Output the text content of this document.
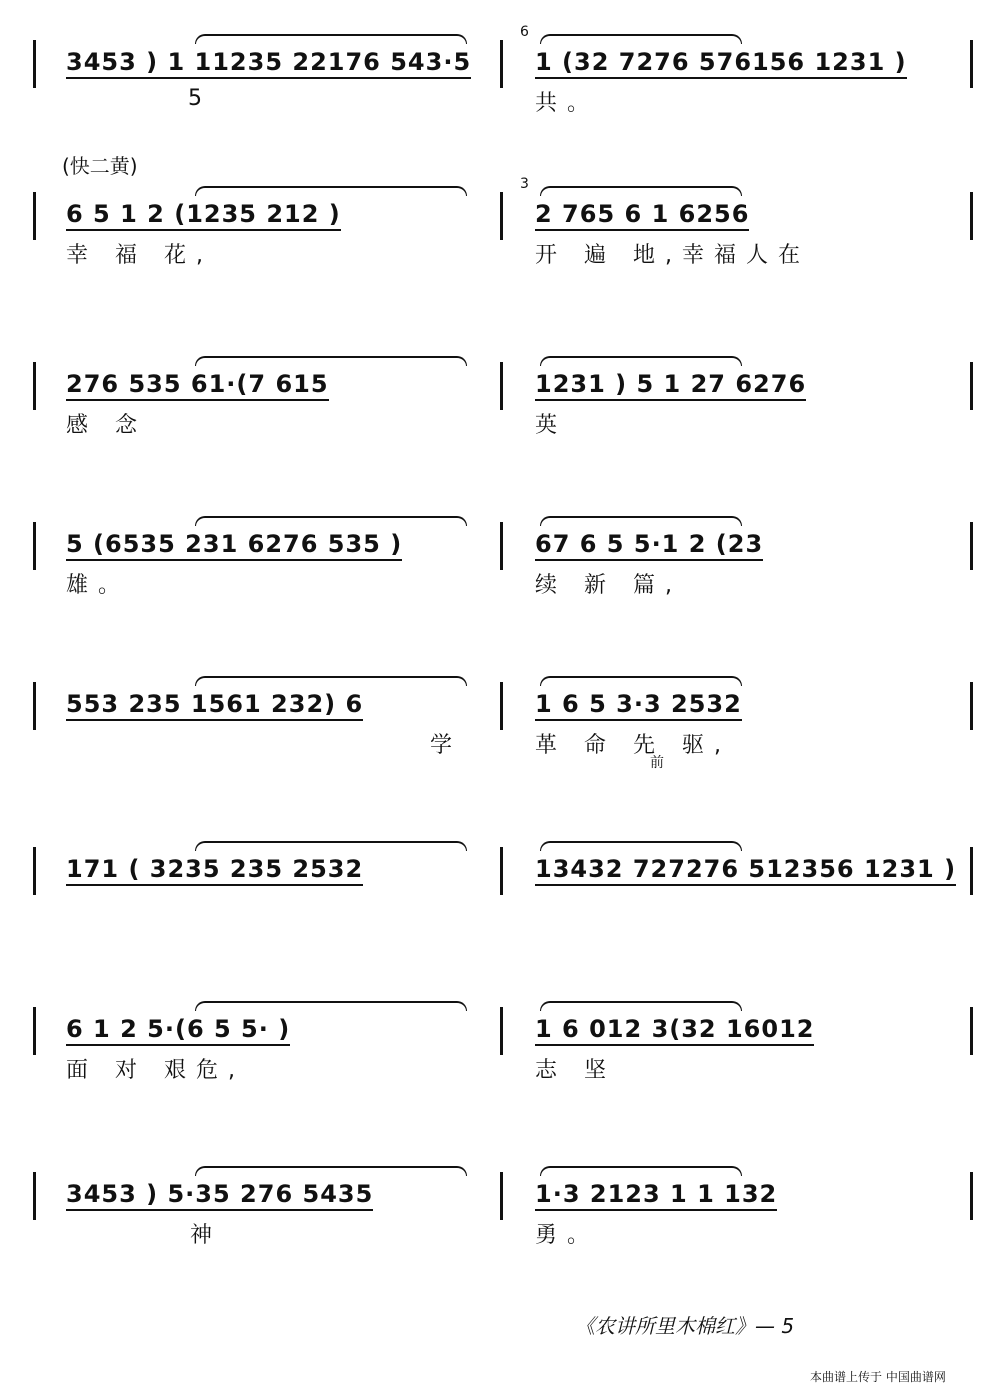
(快二黄)
3453 ) 1 11235 22176 543·5	1 (32 7276 576156 1231 )
5	共。
6
6 5 1 2 (1235 212 )	2 765 6 1 6256
幸 福 花,	开 遍 地,幸福人在
3
276 535 61·(7 615	1231 ) 5 1 27 6276
感 念	英
5 (6535 231 6276 535 )	67 6 5 5·1 2 (23
雄。	续 新 篇,
553 235 1561 232) 6	1 6 5 3·3 2532
学	革 命 先 驱,
前
171 ( 3235 235 2532	13432 727276 512356 1231 )
6 1 2 5·(6 5 5· )	1 6 012 3(32 16012
面 对 艰危,	志 坚
3453 ) 5·35 276 5435	1·3 2123 1 1 132
神	勇。
《农讲所里木棉红》— 5
本曲谱上传于 中国曲谱网
